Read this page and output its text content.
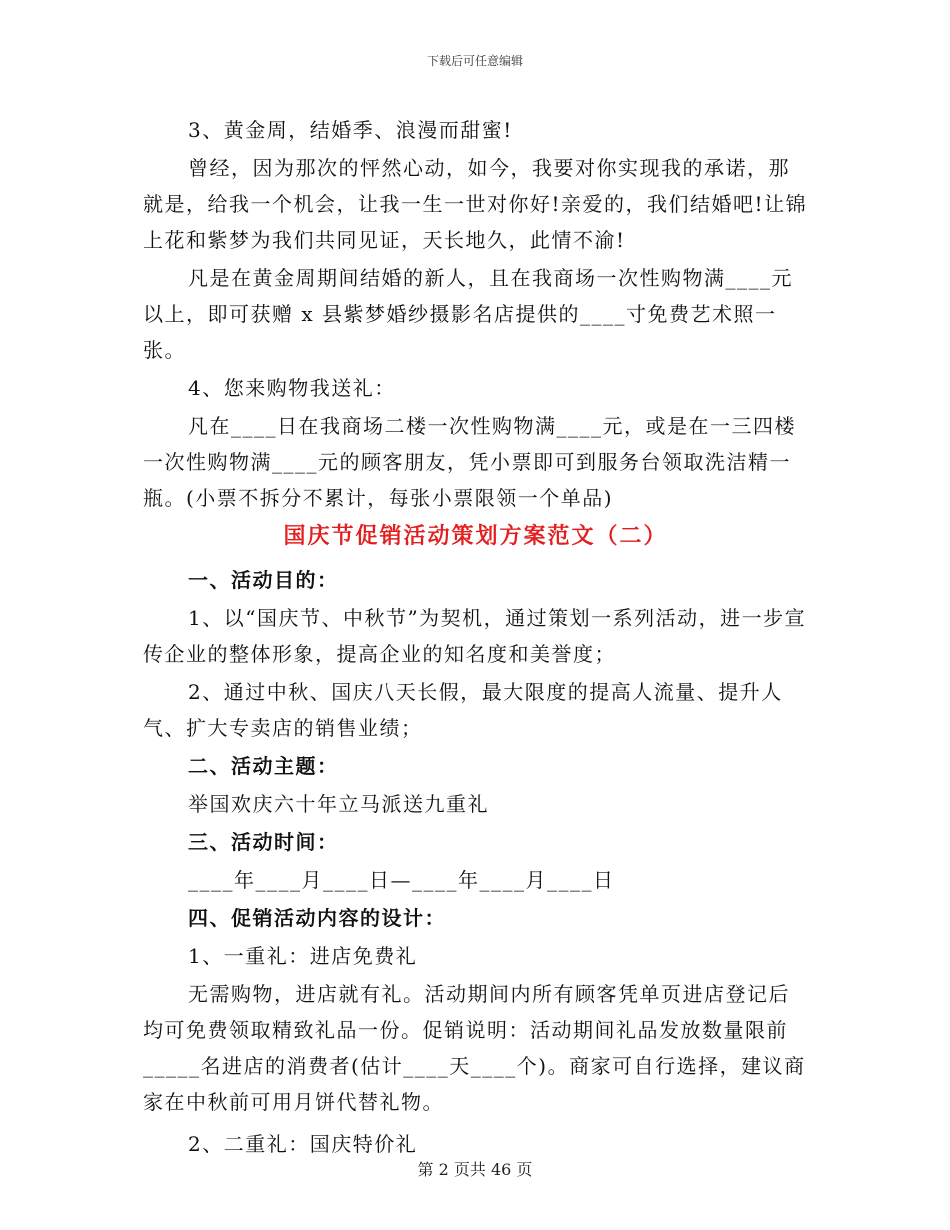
下载后可任意编辑

3、黄金周，结婚季、浪漫而甜蜜!

曾经，因为那次的怦然心动，如今，我要对你实现我的承诺，那就是，给我一个机会，让我一生一世对你好!亲爱的，我们结婚吧!让锦上花和紫梦为我们共同见证，天长地久，此情不渝!

凡是在黄金周期间结婚的新人，且在我商场一次性购物满____元以上，即可获赠 x 县紫梦婚纱摄影名店提供的____寸免费艺术照一张。

4、您来购物我送礼：

凡在____日在我商场二楼一次性购物满____元，或是在一三四楼一次性购物满____元的顾客朋友，凭小票即可到服务台领取洗洁精一瓶。(小票不拆分不累计，每张小票限领一个单品)

国庆节促销活动策划方案范文（二）

一、活动目的：

1、以“国庆节、中秋节”为契机，通过策划一系列活动，进一步宣传企业的整体形象，提高企业的知名度和美誉度；

2、通过中秋、国庆八天长假，最大限度的提高人流量、提升人气、扩大专卖店的销售业绩；

二、活动主题：

举国欢庆六十年立马派送九重礼

三、活动时间：

____年____月____日—____年____月____日

四、促销活动内容的设计：

1、一重礼：进店免费礼

无需购物，进店就有礼。活动期间内所有顾客凭单页进店登记后均可免费领取精致礼品一份。促销说明：活动期间礼品发放数量限前_____名进店的消费者(估计____天____个)。商家可自行选择，建议商家在中秋前可用月饼代替礼物。

2、二重礼：国庆特价礼

第 2 页共 46 页
